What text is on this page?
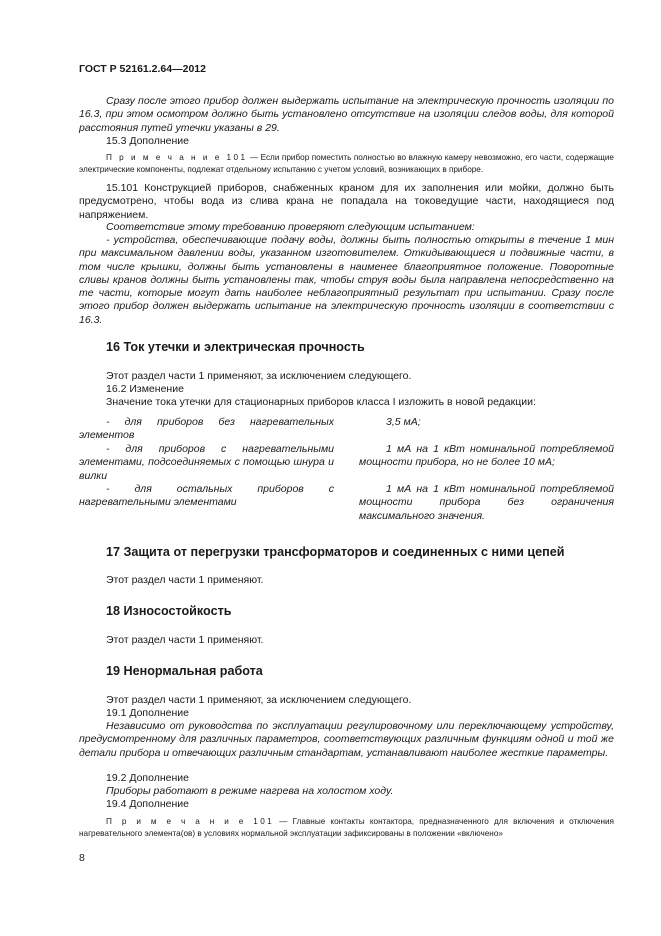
ГОСТ Р 52161.2.64—2012
Сразу после этого прибор должен выдержать испытание на электрическую прочность изоляции по 16.3, при этом осмотром должно быть установлено отсутствие на изоляции следов воды, для которой расстояния путей утечки указаны в 29.
15.3 Дополнение
П р и м е ч а н и е 101 — Если прибор поместить полностью во влажную камеру невозможно, его части, содержащие электрические компоненты, подлежат отдельному испытанию с учетом условий, возникающих в приборе.
15.101 Конструкцией приборов, снабженных краном для их заполнения или мойки, должно быть предусмотрено, чтобы вода из слива крана не попадала на токоведущие части, находящиеся под напряжением.
Соответствие этому требованию проверяют следующим испытанием:
- устройства, обеспечивающие подачу воды, должны быть полностью открыты в течение 1 мин при максимальном давлении воды, указанном изготовителем. Откидывающиеся и подвижные части, в том числе крышки, должны быть установлены в наименее благоприятное положение. Поворотные сливы кранов должны быть установлены так, чтобы струя воды была направлена непосредственно на те части, которые могут дать наиболее неблагоприятный результат при испытании. Сразу после этого прибор должен выдержать испытание на электрическую прочность изоляции в соответствии с 16.3.
16 Ток утечки и электрическая прочность
Этот раздел части 1 применяют, за исключением следующего.
16.2 Изменение
Значение тока утечки для стационарных приборов класса I изложить в новой редакции:
- для приборов без нагревательных элементов
3,5 мА;
- для приборов с нагревательными элементами, подсоединяемых с помощью шнура и вилки
1 мА на 1 кВт номинальной потребляемой мощности прибора, но не более 10 мА;
- для остальных приборов с нагревательными элементами
1 мА на 1 кВт номинальной потребляемой мощности прибора без ограничения максимального значения.
17 Защита от перегрузки трансформаторов и соединенных с ними цепей
Этот раздел части 1 применяют.
18 Износостойкость
Этот раздел части 1 применяют.
19 Ненормальная работа
Этот раздел части 1 применяют, за исключением следующего.
19.1 Дополнение
Независимо от руководства по эксплуатации регулировочному или переключающему устройству, предусмотренному для различных параметров, соответствующих различным функциям одной и той же детали прибора и отвечающих различным стандартам, устанавливают наиболее жесткие параметры.
19.2 Дополнение
Приборы работают в режиме нагрева на холостом ходу.
19.4 Дополнение
П р и м е ч а н и е 101 — Главные контакты контактора, предназначенного для включения и отключения нагревательного элемента(ов) в условиях нормальной эксплуатации зафиксированы в положении «включено»
8
